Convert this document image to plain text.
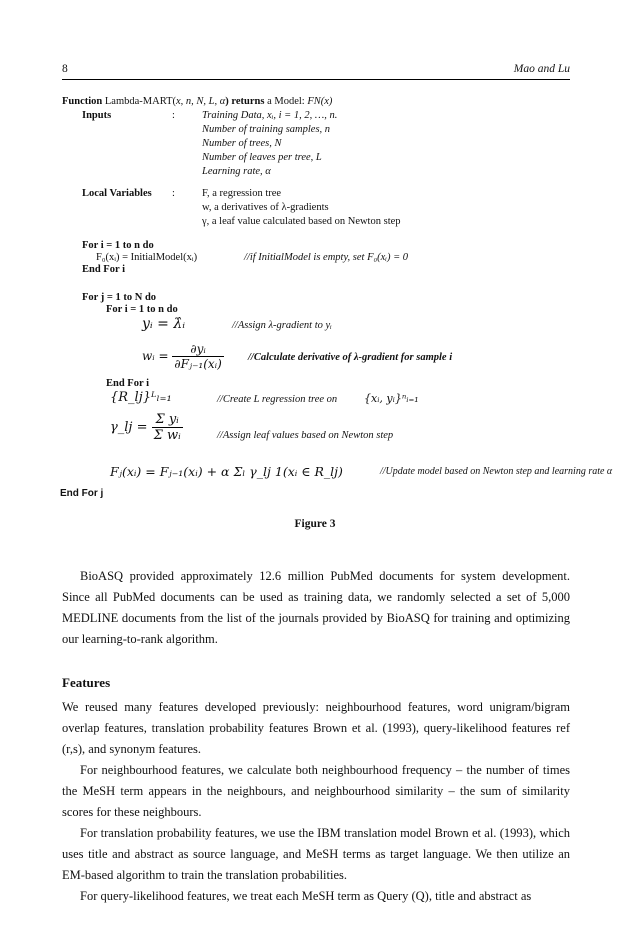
8	Mao and Lu
Function Lambda-MART(x, n, N, L, α) returns a Model: FN(x)
Inputs	:	Training Data, xᵢ, i = 1, 2, …, n.
Number of training samples, n
Number of trees, N
Number of leaves per tree, L
Learning rate, α
Local Variables :	F, a regression tree
w, a derivatives of λ-gradients
γ, a leaf value calculated based on Newton step
For i = 1 to n do
F₀(xᵢ) = InitialModel(xᵢ)	//if InitialModel is empty, set F₀(xᵢ) = 0
End For i
For j = 1 to N do
For i = 1 to n do
yᵢ = λ̂ᵢ	//Assign λ-gradient to yᵢ
wᵢ = $\frac{\text{∂yᵢ}}{\text{∂Fⱼ₋₁(xᵢ)}}$ //Calculate derivative of λ-gradient for sample i
End For i
{R_lj}ᴸₗ₌₁	//Create L regression tree on {xᵢ, yᵢ}ⁿᵢ₌₁
γ_lj = $\frac{\text{Σ yᵢ}}{\text{Σ wᵢ}}$	//Assign leaf values based on Newton step
Fⱼ(xᵢ) = Fⱼ₋₁(xᵢ) + α Σₗ γ_lj 1(xᵢ ∈ R_lj)	//Update model based on Newton step and learning rate α
End For j
Figure 3

BioASQ provided approximately 12.6 million PubMed documents for system development. Since all PubMed documents can be used as training data, we randomly selected a set of 5,000 MEDLINE documents from the list of the journals provided by BioASQ for training and optimizing our learning-to-rank algorithm.

Features

We reused many features developed previously: neighbourhood features, word unigram/bigram overlap features, translation probability features Brown et al. (1993), query-likelihood features ref (r,s), and synonym features.

For neighbourhood features, we calculate both neighbourhood frequency – the number of times the MeSH term appears in the neighbours, and neighbourhood similarity – the sum of similarity scores for these neighbours.

For translation probability features, we use the IBM translation model Brown et al. (1993), which uses title and abstract as source language, and MeSH terms as target language. We then utilize an EM-based algorithm to train the translation probabilities.

For query-likelihood features, we treat each MeSH term as Query (Q), title and abstract as
